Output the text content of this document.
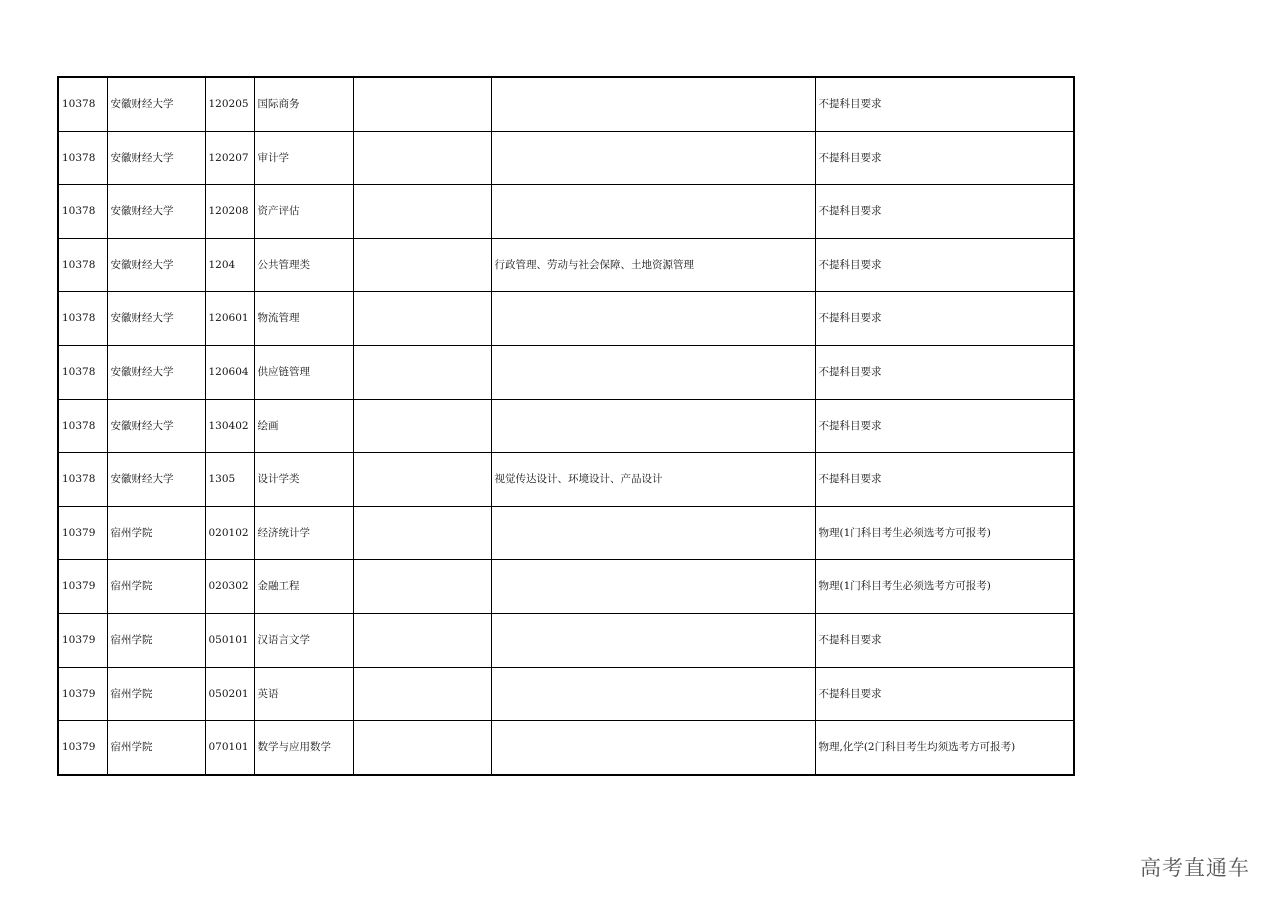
10378	安徽财经大学	120205	国际商务			不提科目要求
10378	安徽财经大学	120207	审计学			不提科目要求
10378	安徽财经大学	120208	资产评估			不提科目要求
10378	安徽财经大学	1204	公共管理类		行政管理、劳动与社会保障、土地资源管理	不提科目要求
10378	安徽财经大学	120601	物流管理			不提科目要求
10378	安徽财经大学	120604	供应链管理			不提科目要求
10378	安徽财经大学	130402	绘画			不提科目要求
10378	安徽财经大学	1305	设计学类		视觉传达设计、环境设计、产品设计	不提科目要求
10379	宿州学院	020102	经济统计学			物理(1门科目考生必须选考方可报考)
10379	宿州学院	020302	金融工程			物理(1门科目考生必须选考方可报考)
10379	宿州学院	050101	汉语言文学			不提科目要求
10379	宿州学院	050201	英语			不提科目要求
10379	宿州学院	070101	数学与应用数学			物理,化学(2门科目考生均须选考方可报考)
高考直通车
